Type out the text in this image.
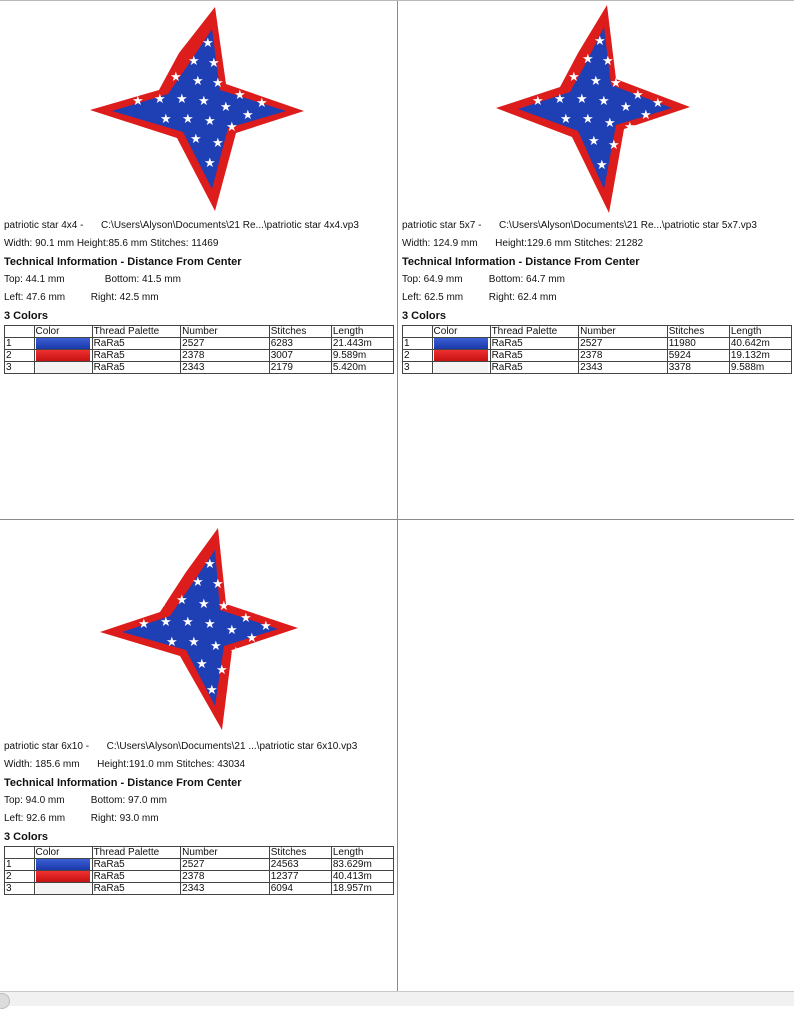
★
★ ★
★ ★ ★ ★
★
★
★ ★ ★ ★ ★
★
★ ★ ★ ★
★ ★
★
patriotic star 4x4 - C:\Users\Alyson\Documents\21 Re...\patriotic star 4x4.vp3
Width: 90.1 mm Height:85.6 mm Stitches: 11469
Technical Information - Distance From Center
Top: 44.1 mm	Bottom: 41.5 mm
Left: 47.6 mm	Right: 42.5 mm
3 Colors
	Color	Thread Palette	Number	Stitches	Length
1		RaRa5	2527	6283	21.443m
2		RaRa5	2378	3007	9.589m
3		RaRa5	2343	2179	5.420m
★
★ ★
★ ★ ★ ★
★
★
★ ★ ★ ★ ★
★
★ ★ ★ ★
★ ★
★
patriotic star 5x7 - C:\Users\Alyson\Documents\21 Re...\patriotic star 5x7.vp3
Width: 124.9 mm Height:129.6 mm Stitches: 21282
Technical Information - Distance From Center
Top: 64.9 mm	Bottom: 64.7 mm
Left: 62.5 mm	Right: 62.4 mm
3 Colors
	Color	Thread Palette	Number	Stitches	Length
1		RaRa5	2527	11980	40.642m
2		RaRa5	2378	5924	19.132m
3		RaRa5	2343	3378	9.588m
★
★ ★
★ ★ ★ ★
★
★
★ ★ ★ ★ ★
★
★ ★ ★ ★
★ ★
★
patriotic star 6x10 - C:\Users\Alyson\Documents\21 ...\patriotic star 6x10.vp3
Width: 185.6 mm Height:191.0 mm Stitches: 43034
Technical Information - Distance From Center
Top: 94.0 mm	Bottom: 97.0 mm
Left: 92.6 mm	Right: 93.0 mm
3 Colors
	Color	Thread Palette	Number	Stitches	Length
1		RaRa5	2527	24563	83.629m
2		RaRa5	2378	12377	40.413m
3		RaRa5	2343	6094	18.957m
